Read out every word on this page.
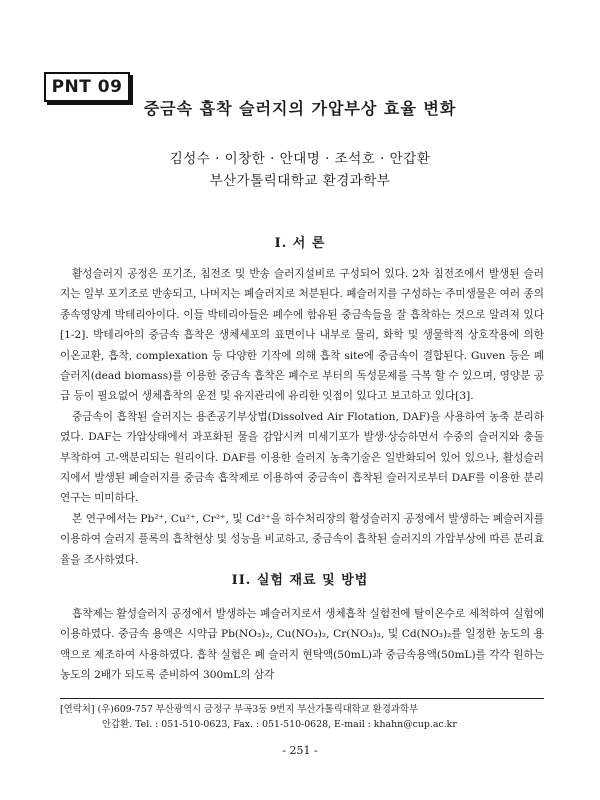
PNT 09
중금속 흡착 슬러지의 가압부상 효율 변화
김성수 · 이창한 · 안대명 · 조석호 · 안갑환
부산가톨릭대학교 환경과학부
I. 서 론

활성슬러지 공정은 포기조, 침전조 및 반송 슬러지설비로 구성되어 있다. 2차 침전조에서 발생된 슬러지는 일부 포기조로 반송되고, 나머지는 폐슬러지로 처분된다. 폐슬러지를 구성하는 주미생물은 여러 종의 종속영양계 박테리아이다. 이들 박테리아들은 폐수에 함유된 중금속들을 잘 흡착하는 것으로 알려져 있다[1-2]. 박테리아의 중금속 흡착은 생체세포의 표면이나 내부로 물리, 화학 및 생물학적 상호작용에 의한 이온교환, 흡착, complexation 등 다양한 기작에 의해 흡착 site에 중금속이 결합된다. Guven 등은 폐슬러지(dead biomass)를 이용한 중금속 흡착은 폐수로 부터의 독성문제를 극복 할 수 있으며, 영양분 공급 등이 필요없어 생체흡착의 운전 및 유지관리에 유리한 잇점이 있다고 보고하고 있다[3].

중금속이 흡착된 슬러지는 용존공기부상법(Dissolved Air Flotation, DAF)을 사용하여 농축 분리하였다. DAF는 가압상태에서 과포화된 물을 감압시켜 미세기포가 발생·상승하면서 수중의 슬러지와 충돌 부착하여 고-액분리되는 원리이다. DAF를 이용한 슬러지 농축기술은 일반화되어 있어 있으나, 활성슬러지에서 발생된 폐슬러지를 중금속 흡착제로 이용하여 중금속이 흡착된 슬러지로부터 DAF를 이용한 분리 연구는 미미하다.

본 연구에서는 Pb²⁺, Cu²⁺, Cr²⁺, 및 Cd²⁺을 하수처리장의 활성슬러지 공정에서 발생하는 폐슬러지를 이용하여 슬러지 플록의 흡착현상 및 성능을 비교하고, 중금속이 흡착된 슬러지의 가압부상에 따른 분리효율을 조사하였다.

II. 실험 재료 및 방법

흡착제는 활성슬러지 공정에서 발생하는 폐슬러지로서 생체흡착 실험전에 탈이온수로 세척하여 실험에 이용하였다. 중금속 용액은 시약급 Pb(NO₃)₂, Cu(NO₃)₂, Cr(NO₃)₃, 및 Cd(NO₃)₂를 일정한 농도의 용액으로 제조하여 사용하였다. 흡착 실험은 폐 슬러지 현탁액(50mL)과 중금속용액(50mL)를 각각 원하는 농도의 2배가 되도록 준비하여 300mL의 삼각

[연락처] (우)609-757 부산광역시 금정구 부곡3동 9번지 부산가톨릭대학교 환경과학부
안갑환. Tel. : 051-510-0623, Fax. : 051-510-0628, E-mail : khahn@cup.ac.kr
- 251 -
